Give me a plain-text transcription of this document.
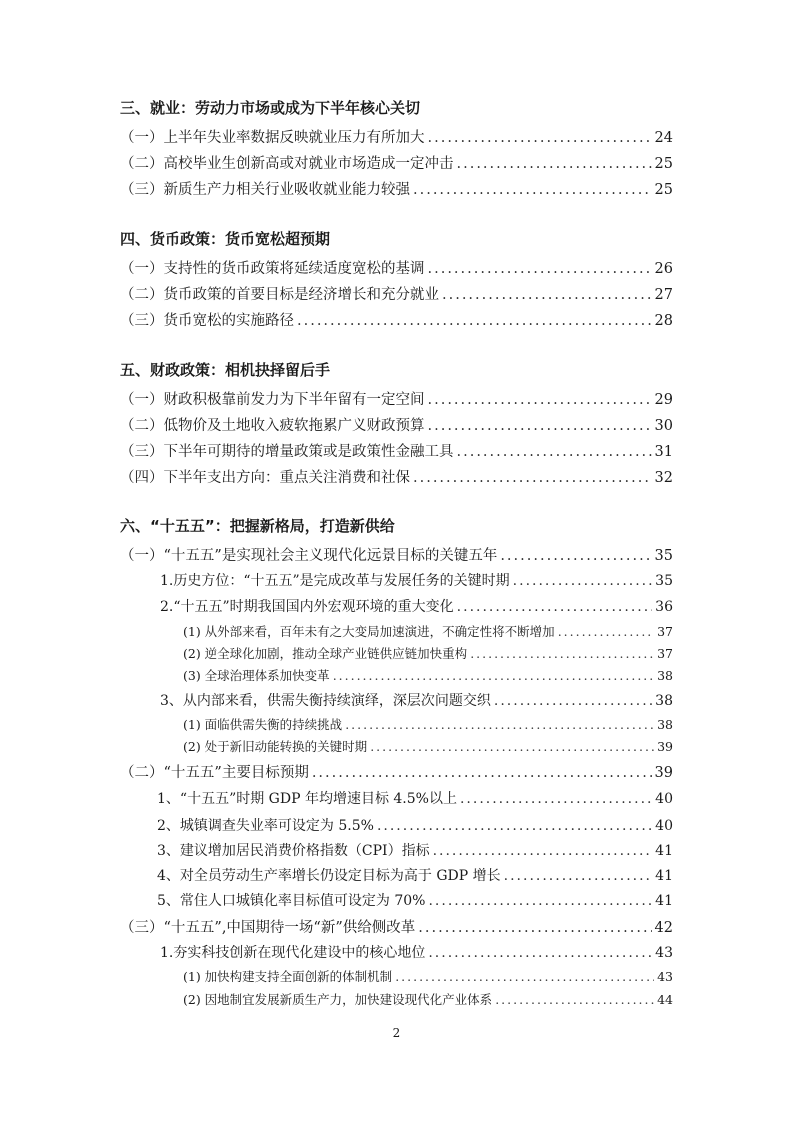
三、就业：劳动力市场或成为下半年核心关切
（一）上半年失业率数据反映就业压力有所加大 .....	24
（二）高校毕业生创新高或对就业市场造成一定冲击 .....	25
（三）新质生产力相关行业吸收就业能力较强 .....	25
四、货币政策：货币宽松超预期
（一）支持性的货币政策将延续适度宽松的基调 .....	26
（二）货币政策的首要目标是经济增长和充分就业 .....	27
（三）货币宽松的实施路径 .....	28
五、财政政策：相机抉择留后手
（一）财政积极靠前发力为下半年留有一定空间 .....	29
（二）低物价及土地收入疲软拖累广义财政预算 .....	30
（三）下半年可期待的增量政策或是政策性金融工具 .....	31
（四）下半年支出方向：重点关注消费和社保 .....	32
六、“十五五”：把握新格局，打造新供给
（一）“十五五”是实现社会主义现代化远景目标的关键五年 .....	35
1.历史方位：“十五五”是完成改革与发展任务的关键时期 .....	35
2.“十五五”时期我国国内外宏观环境的重大变化 .....	36
(1) 从外部来看，百年未有之大变局加速演进，不确定性将不断增加 .....	37
(2) 逆全球化加剧，推动全球产业链供应链加快重构 .....	37
(3) 全球治理体系加快变革 .....	38
3、从内部来看，供需失衡持续演绎，深层次问题交织 .....	38
(1) 面临供需失衡的持续挑战 .....	38
(2) 处于新旧动能转换的关键时期 .....	39
（二）“十五五”主要目标预期 .....	39
1、“十五五”时期 GDP 年均增速目标 4.5%以上 .....	40
2、城镇调查失业率可设定为 5.5% .....	40
3、建议增加居民消费价格指数（CPI）指标 .....	41
4、对全员劳动生产率增长仍设定目标为高于 GDP 增长 .....	41
5、常住人口城镇化率目标值可设定为 70% .....	41
（三）“十五五”,中国期待一场“新”供给侧改革 .....	42
1.夯实科技创新在现代化建设中的核心地位 .....	43
(1) 加快构建支持全面创新的体制机制 .....	43
(2) 因地制宜发展新质生产力，加快建设现代化产业体系 .....	44
2
